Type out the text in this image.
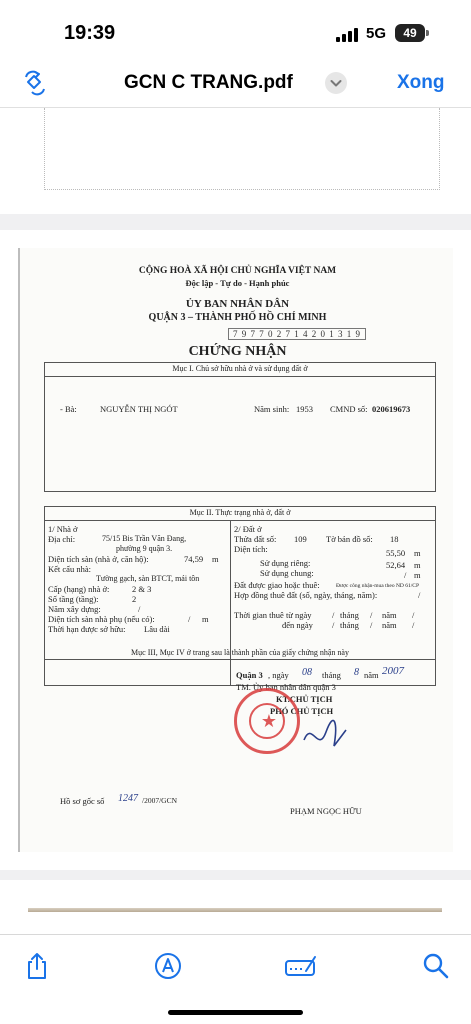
19:39	5G	49
GCN C TRANG.pdf	Xong
CỘNG HOÀ XÃ HỘI CHỦ NGHĨA VIỆT NAM
Độc lập - Tự do - Hạnh phúc
ỦY BAN NHÂN DÂN
QUẬN 3 – THÀNH PHỐ HỒ CHÍ MINH
7 9 7 7 0 2 7 1 4 2 0 1 3 1 9
CHỨNG NHẬN
Mục I. Chủ sở hữu nhà ở và sử dụng đất ở
- Bà:	NGUYỄN THỊ NGÓT	Năm sinh: 1953 CMND số: 020619673
Mục II. Thực trạng nhà ở, đất ở
1/ Nhà ở
Địa chỉ:	75/15 Bis Trần Văn Đang,
phường 9 quận 3.
Diện tích sàn (nhà ở, căn hộ):	74,59 m
Kết cấu nhà:
Tường gạch, sàn BTCT, mái tôn
Cấp (hạng) nhà ở:	2 & 3
Số tầng (tầng):	2
Năm xây dựng:	/
Diện tích sàn nhà phụ (nếu có):	/ m
Thời hạn được sở hữu: Lâu dài
2/ Đất ở
Thửa đất số: 109 Tờ bản đồ số: 18
Diện tích:	55,50 m
Sử dụng riêng:	52,64 m
Sử dụng chung:	/ m
Đất được giao hoặc thuê:	Được công nhận-mua theo ND 61/CP
Hợp đồng thuê đất (số, ngày, tháng, năm):	/
Thời gian thuê từ ngày / tháng / năm /
đến ngày / tháng / năm /
Mục III, Mục IV ở trang sau là thành phần của giấy chứng nhận này
Quận 3 , ngày 08 tháng 8 năm 2007
TM. Ủy ban nhân dân quận 3
KT.CHỦ TỊCH
PHÓ CHỦ TỊCH
★
Hồ sơ gốc số 1247 /2007/GCN
PHẠM NGỌC HỮU
